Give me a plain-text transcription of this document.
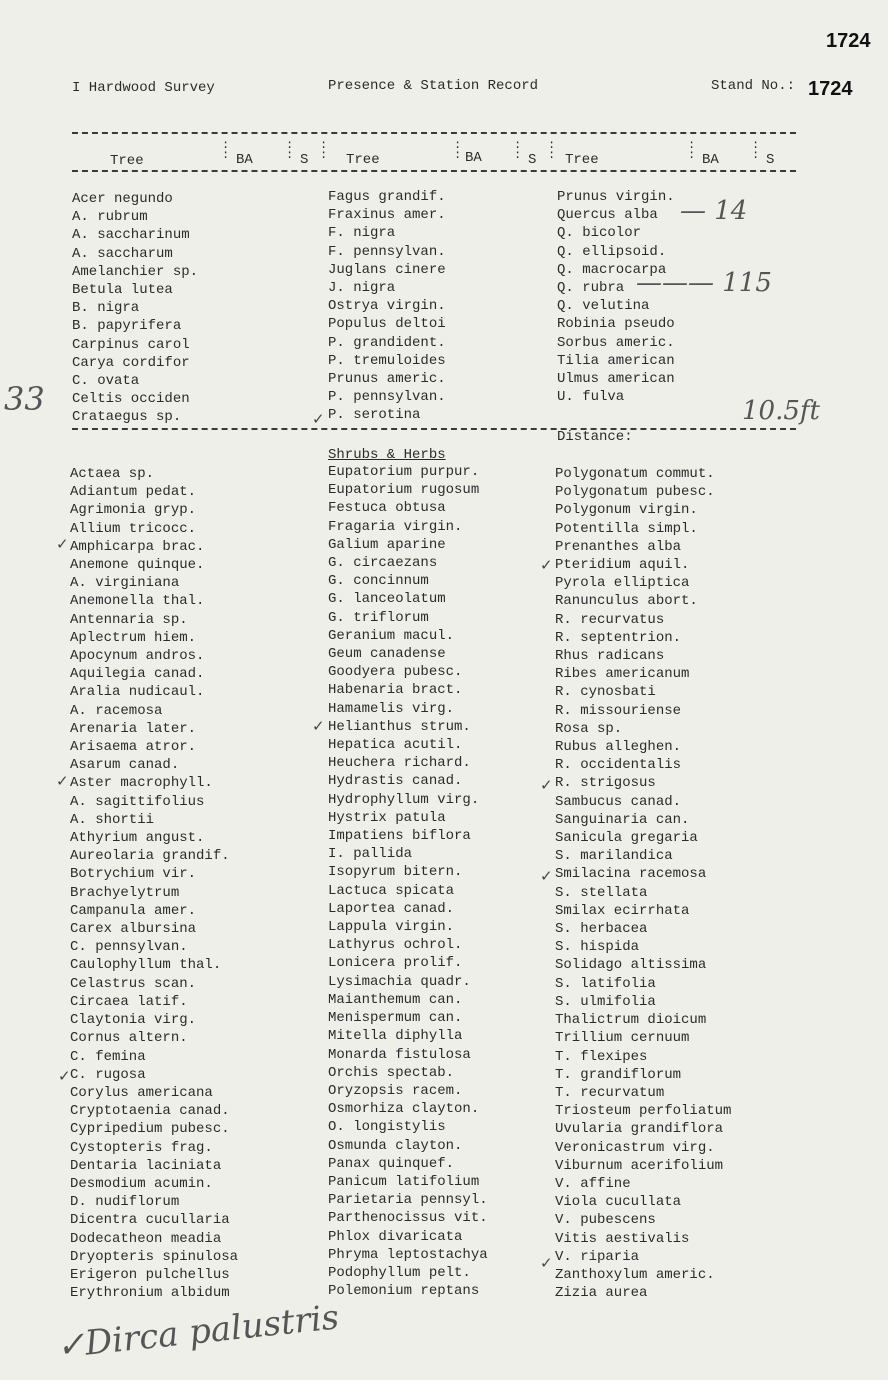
1724
1724
I Hardwood Survey	Presence & Station Record	Stand No.:
:
:
:
:
:
:
:
:
:
:
:
:
:
:
:
:
Tree	BA	S	Tree	BA	S Tree	BA	S
Acer negundo
A. rubrum
A. saccharinum
A. saccharum
Amelanchier sp.
Betula lutea
B. nigra
B. papyrifera
Carpinus carol
Carya cordifor
C. ovata
Celtis occiden
Crataegus sp.
Fagus grandif.
Fraxinus amer.
F. nigra
F. pennsylvan.
Juglans cinere
J. nigra
Ostrya virgin.
Populus deltoi
P. grandident.
P. tremuloides
Prunus americ.
P. pennsylvan.
P. serotina
Prunus virgin.
Quercus alba
Q. bicolor
Q. ellipsoid.
Q. macrocarpa
Q. rubra
Q. velutina
Robinia pseudo
Sorbus americ.
Tilia american
Ulmus american
U. fulva
— 14
——— 115
33	10.5ft
✓
Distance:
Shrubs & Herbs
Actaea sp.
Adiantum pedat.
Agrimonia gryp.
Allium tricocc.
Amphicarpa brac.
Anemone quinque.
A. virginiana
Anemonella thal.
Antennaria sp.
Aplectrum hiem.
Apocynum andros.
Aquilegia canad.
Aralia nudicaul.
A. racemosa
Arenaria later.
Arisaema atror.
Asarum canad.
Aster macrophyll.
A. sagittifolius
A. shortii
Athyrium angust.
Aureolaria grandif.
Botrychium vir.
Brachyelytrum
Campanula amer.
Carex albursina
C. pennsylvan.
Caulophyllum thal.
Celastrus scan.
Circaea latif.
Claytonia virg.
Cornus altern.
C. femina
C. rugosa
Corylus americana
Cryptotaenia canad.
Cypripedium pubesc.
Cystopteris frag.
Dentaria laciniata
Desmodium acumin.
D. nudiflorum
Dicentra cucullaria
Dodecatheon meadia
Dryopteris spinulosa
Erigeron pulchellus
Erythronium albidum
Eupatorium purpur.
Eupatorium rugosum
Festuca obtusa
Fragaria virgin.
Galium aparine
G. circaezans
G. concinnum
G. lanceolatum
G. triflorum
Geranium macul.
Geum canadense
Goodyera pubesc.
Habenaria bract.
Hamamelis virg.
Helianthus strum.
Hepatica acutil.
Heuchera richard.
Hydrastis canad.
Hydrophyllum virg.
Hystrix patula
Impatiens biflora
I. pallida
Isopyrum bitern.
Lactuca spicata
Laportea canad.
Lappula virgin.
Lathyrus ochrol.
Lonicera prolif.
Lysimachia quadr.
Maianthemum can.
Menispermum can.
Mitella diphylla
Monarda fistulosa
Orchis spectab.
Oryzopsis racem.
Osmorhiza clayton.
O. longistylis
Osmunda clayton.
Panax quinquef.
Panicum latifolium
Parietaria pennsyl.
Parthenocissus vit.
Phlox divaricata
Phryma leptostachya
Podophyllum pelt.
Polemonium reptans
Polygonatum commut.
Polygonatum pubesc.
Polygonum virgin.
Potentilla simpl.
Prenanthes alba
Pteridium aquil.
Pyrola elliptica
Ranunculus abort.
R. recurvatus
R. septentrion.
Rhus radicans
Ribes americanum
R. cynosbati
R. missouriense
Rosa sp.
Rubus alleghen.
R. occidentalis
R. strigosus
Sambucus canad.
Sanguinaria can.
Sanicula gregaria
S. marilandica
Smilacina racemosa
S. stellata
Smilax ecirrhata
S. herbacea
S. hispida
Solidago altissima
S. latifolia
S. ulmifolia
Thalictrum dioicum
Trillium cernuum
T. flexipes
T. grandiflorum
T. recurvatum
Triosteum perfoliatum
Uvularia grandiflora
Veronicastrum virg.
Viburnum acerifolium
V. affine
Viola cucullata
V. pubescens
Vitis aestivalis
V. riparia
Zanthoxylum americ.
Zizia aurea
✓
✓
✓
✓
✓
✓
✓
✓
✓Dirca palustris
